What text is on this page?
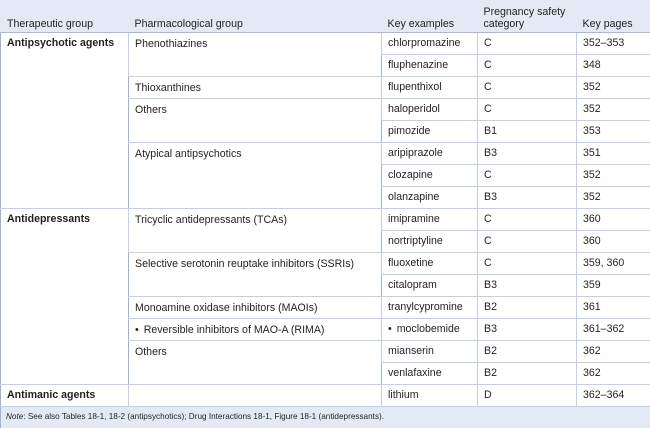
Therapeutic group	Pharmacological group	Key examples	Pregnancy safety category	Key pages
Antipsychotic agents	Phenothiazines	chlorpromazine	C	352–353
		fluphenazine	C	348
	Thioxanthines	flupenthixol	C	352
	Others	haloperidol	C	352
		pimozide	B1	353
	Atypical antipsychotics	aripiprazole	B3	351
		clozapine	C	352
		olanzapine	B3	352
Antidepressants	Tricyclic antidepressants (TCAs)	imipramine	C	360
		nortriptyline	C	360
	Selective serotonin reuptake inhibitors (SSRIs)	fluoxetine	C	359, 360
		citalopram	B3	359
	Monoamine oxidase inhibitors (MAOIs)	tranylcypromine	B2	361
	• Reversible inhibitors of MAO-A (RIMA)	• moclobemide	B3	361–362
	Others	mianserin	B2	362
		venlafaxine	B2	362
Antimanic agents		lithium	D	362–364
Note: See also Tables 18-1, 18-2 (antipsychotics); Drug Interactions 18-1, Figure 18-1 (antidepressants).				
